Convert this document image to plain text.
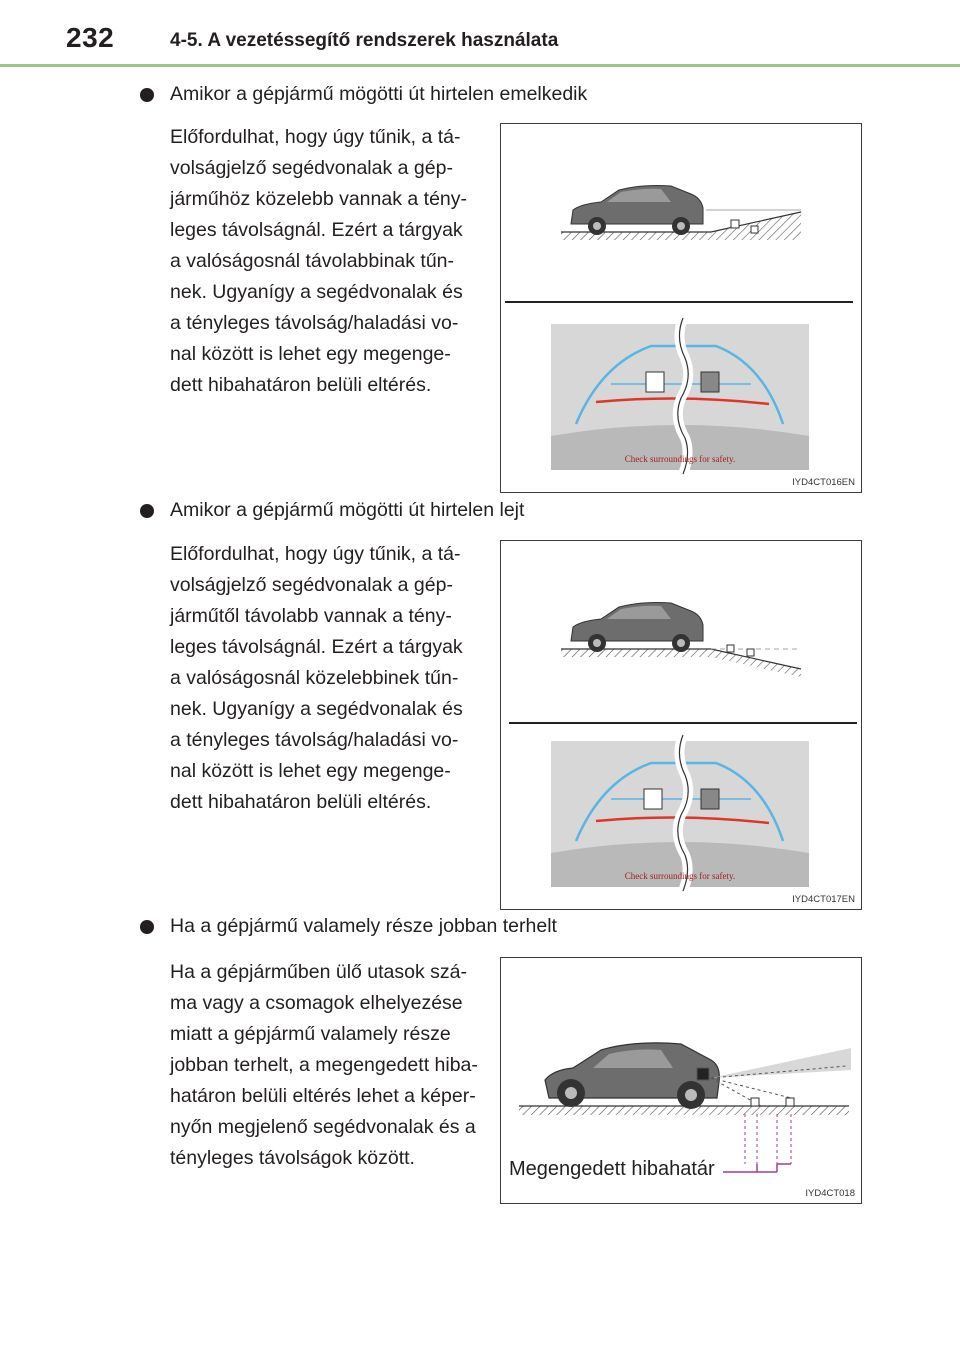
232	4-5. A vezetéssegítő rendszerek használata
Amikor a gépjármű mögötti út hirtelen emelkedik
Előfordulhat, hogy úgy tűnik, a tá-
volságjelző segédvonalak a gép-
járműhöz közelebb vannak a tény-
leges távolságnál. Ezért a tárgyak
a valóságosnál távolabbinak tűn-
nek. Ugyanígy a segédvonalak és
a tényleges távolság/haladási vo-
nal között is lehet egy megenge-
dett hibahatáron belüli eltérés.
Check surroundings for safety.
IYD4CT016EN
Amikor a gépjármű mögötti út hirtelen lejt
Előfordulhat, hogy úgy tűnik, a tá-
volságjelző segédvonalak a gép-
járműtől távolabb vannak a tény-
leges távolságnál. Ezért a tárgyak
a valóságosnál közelebbinek tűn-
nek. Ugyanígy a segédvonalak és
a tényleges távolság/haladási vo-
nal között is lehet egy megenge-
dett hibahatáron belüli eltérés.
Check surroundings for safety.
IYD4CT017EN
Ha a gépjármű valamely része jobban terhelt
Ha a gépjárműben ülő utasok szá-
ma vagy a csomagok elhelyezése
miatt a gépjármű valamely része
jobban terhelt, a megengedett hiba-
határon belüli eltérés lehet a képer-
nyőn megjelenő segédvonalak és a
tényleges távolságok között.	Megengedett hibahatár
IYD4CT018
